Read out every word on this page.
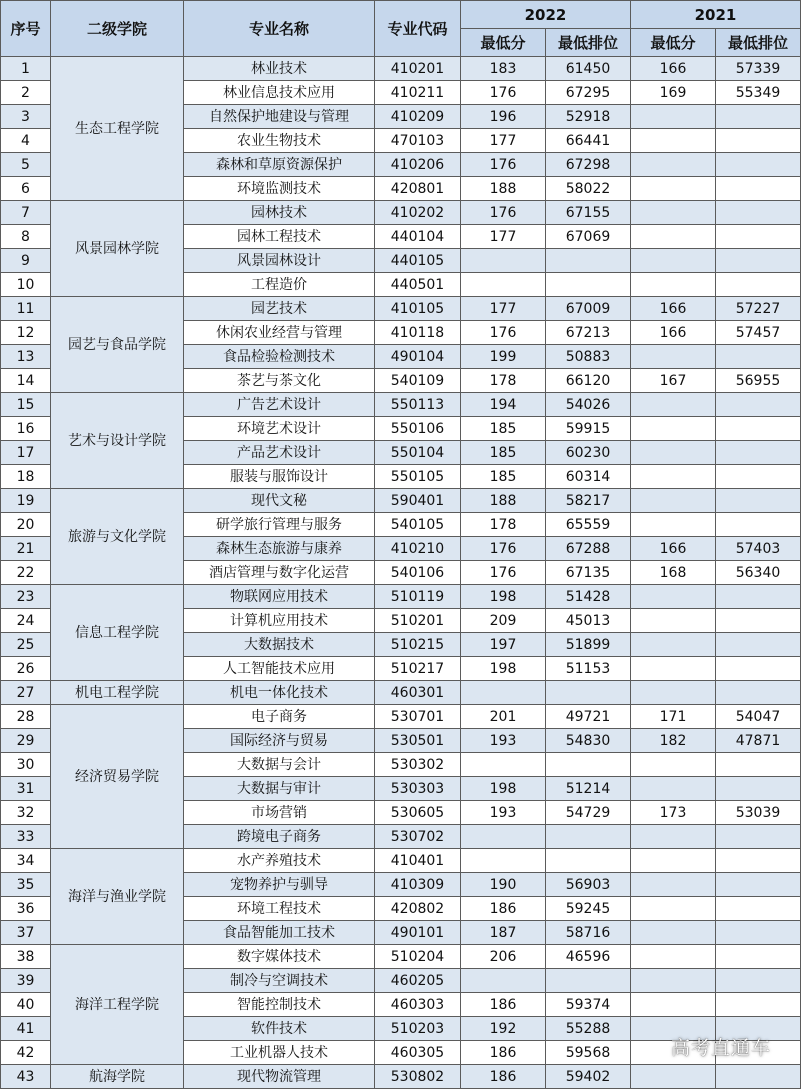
序号	二级学院	专业名称	专业代码	2022		2021	
				最低分	最低排位	最低分	最低排位
1	生态工程学院	林业技术	410201	183	61450	166	57339
2		林业信息技术应用	410211	176	67295	169	55349
3		自然保护地建设与管理	410209	196	52918		
4		农业生物技术	470103	177	66441		
5		森林和草原资源保护	410206	176	67298		
6		环境监测技术	420801	188	58022		
7	风景园林学院	园林技术	410202	176	67155		
8		园林工程技术	440104	177	67069		
9		风景园林设计	440105				
10		工程造价	440501				
11	园艺与食品学院	园艺技术	410105	177	67009	166	57227
12		休闲农业经营与管理	410118	176	67213	166	57457
13		食品检验检测技术	490104	199	50883		
14		茶艺与茶文化	540109	178	66120	167	56955
15	艺术与设计学院	广告艺术设计	550113	194	54026		
16		环境艺术设计	550106	185	59915		
17		产品艺术设计	550104	185	60230		
18		服装与服饰设计	550105	185	60314		
19	旅游与文化学院	现代文秘	590401	188	58217		
20		研学旅行管理与服务	540105	178	65559		
21		森林生态旅游与康养	410210	176	67288	166	57403
22		酒店管理与数字化运营	540106	176	67135	168	56340
23	信息工程学院	物联网应用技术	510119	198	51428		
24		计算机应用技术	510201	209	45013		
25		大数据技术	510215	197	51899		
26		人工智能技术应用	510217	198	51153		
27	机电工程学院	机电一体化技术	460301				
28	经济贸易学院	电子商务	530701	201	49721	171	54047
29		国际经济与贸易	530501	193	54830	182	47871
30		大数据与会计	530302				
31		大数据与审计	530303	198	51214		
32		市场营销	530605	193	54729	173	53039
33		跨境电子商务	530702				
34	海洋与渔业学院	水产养殖技术	410401				
35		宠物养护与驯导	410309	190	56903		
36		环境工程技术	420802	186	59245		
37		食品智能加工技术	490101	187	58716		
38	海洋工程学院	数字媒体技术	510204	206	46596		
39		制冷与空调技术	460205				
40		智能控制技术	460303	186	59374		
41		软件技术	510203	192	55288		
42		工业机器人技术	460305	186	59568		
43	航海学院	现代物流管理	530802	186	59402		
高考直通车
